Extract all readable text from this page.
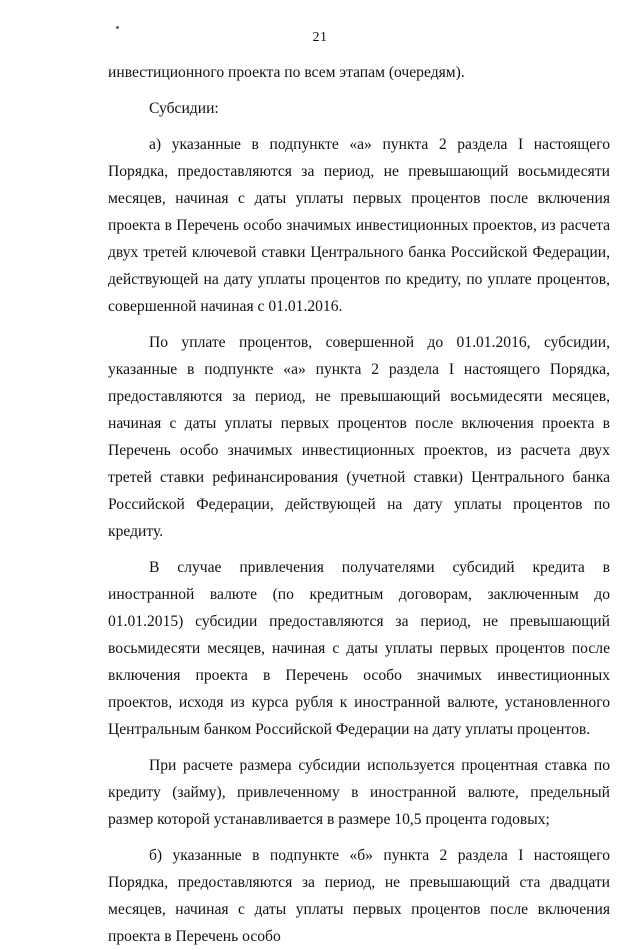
21

инвестиционного проекта по всем этапам (очередям).

Субсидии:

а) указанные в подпункте «а» пункта 2 раздела I настоящего Порядка, предоставляются за период, не превышающий восьмидесяти месяцев, начиная с даты уплаты первых процентов после включения проекта в Перечень особо значимых инвестиционных проектов, из расчета двух третей ключевой ставки Центрального банка Российской Федерации, действующей на дату уплаты процентов по кредиту, по уплате процентов, совершенной начиная с 01.01.2016.

По уплате процентов, совершенной до 01.01.2016, субсидии, указанные в подпункте «а» пункта 2 раздела I настоящего Порядка, предоставляются за период, не превышающий восьмидесяти месяцев, начиная с даты уплаты первых процентов после включения проекта в Перечень особо значимых инвестиционных проектов, из расчета двух третей ставки рефинансирования (учетной ставки) Центрального банка Российской Федерации, действующей на дату уплаты процентов по кредиту.

В случае привлечения получателями субсидий кредита в иностранной валюте (по кредитным договорам, заключенным до 01.01.2015) субсидии предоставляются за период, не превышающий восьмидесяти месяцев, начиная с даты уплаты первых процентов после включения проекта в Перечень особо значимых инвестиционных проектов, исходя из курса рубля к иностранной валюте, установленного Центральным банком Российской Федерации на дату уплаты процентов.

При расчете размера субсидии используется процентная ставка по кредиту (займу), привлеченному в иностранной валюте, предельный размер которой устанавливается в размере 10,5 процента годовых;

б) указанные в подпункте «б» пункта 2 раздела I настоящего Порядка, предоставляются за период, не превышающий ста двадцати месяцев, начиная с даты уплаты первых процентов после включения проекта в Перечень особо
